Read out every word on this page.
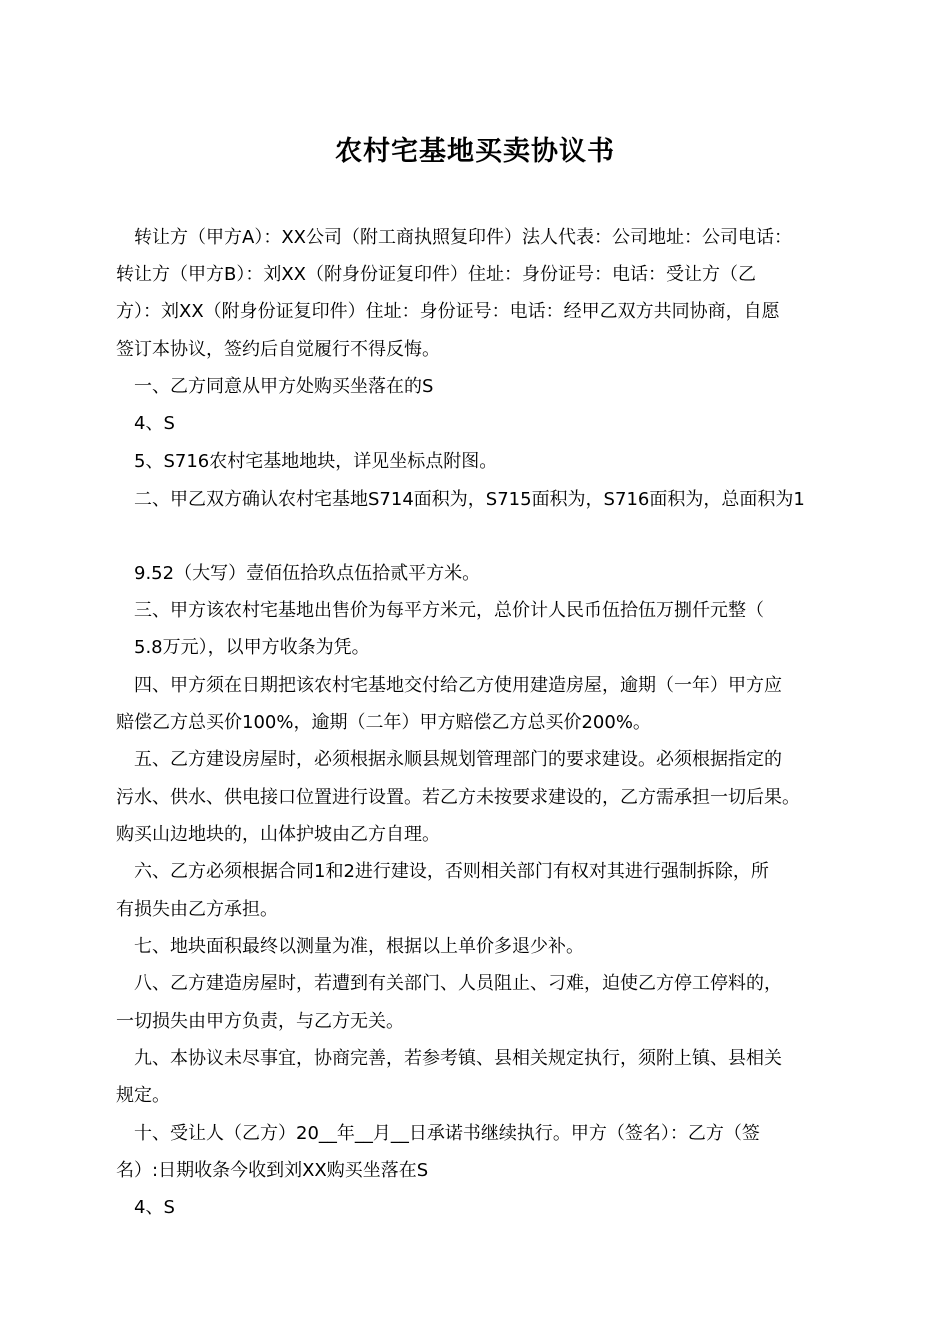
农村宅基地买卖协议书
转让方（甲方A）：XX公司（附工商执照复印件）法人代表：公司地址：公司电话：
转让方（甲方B）：刘XX（附身份证复印件）住址：身份证号：电话：受让方（乙
方）：刘XX（附身份证复印件）住址：身份证号：电话：经甲乙双方共同协商，自愿
签订本协议，签约后自觉履行不得反悔。
一、乙方同意从甲方处购买坐落在的S
4、S
5、S716农村宅基地地块，详见坐标点附图。
二、甲乙双方确认农村宅基地S714面积为，S715面积为，S716面积为，总面积为1
9.52（大写）壹佰伍拾玖点伍拾贰平方米。
三、甲方该农村宅基地出售价为每平方米元，总价计人民币伍拾伍万捌仟元整（
5.8万元），以甲方收条为凭。
四、甲方须在日期把该农村宅基地交付给乙方使用建造房屋，逾期（一年）甲方应
赔偿乙方总买价100%，逾期（二年）甲方赔偿乙方总买价200%。
五、乙方建设房屋时，必须根据永顺县规划管理部门的要求建设。必须根据指定的
污水、供水、供电接口位置进行设置。若乙方未按要求建设的，乙方需承担一切后果。
购买山边地块的，山体护坡由乙方自理。
六、乙方必须根据合同1和2进行建设，否则相关部门有权对其进行强制拆除，所
有损失由乙方承担。
七、地块面积最终以测量为准，根据以上单价多退少补。
八、乙方建造房屋时，若遭到有关部门、人员阻止、刁难，迫使乙方停工停料的，
一切损失由甲方负责，与乙方无关。
九、本协议未尽事宜，协商完善，若参考镇、县相关规定执行，须附上镇、县相关
规定。
十、受让人（乙方）20__年__月__日承诺书继续执行。甲方（签名）：乙方（签
名）:日期收条今收到刘XX购买坐落在S
4、S
